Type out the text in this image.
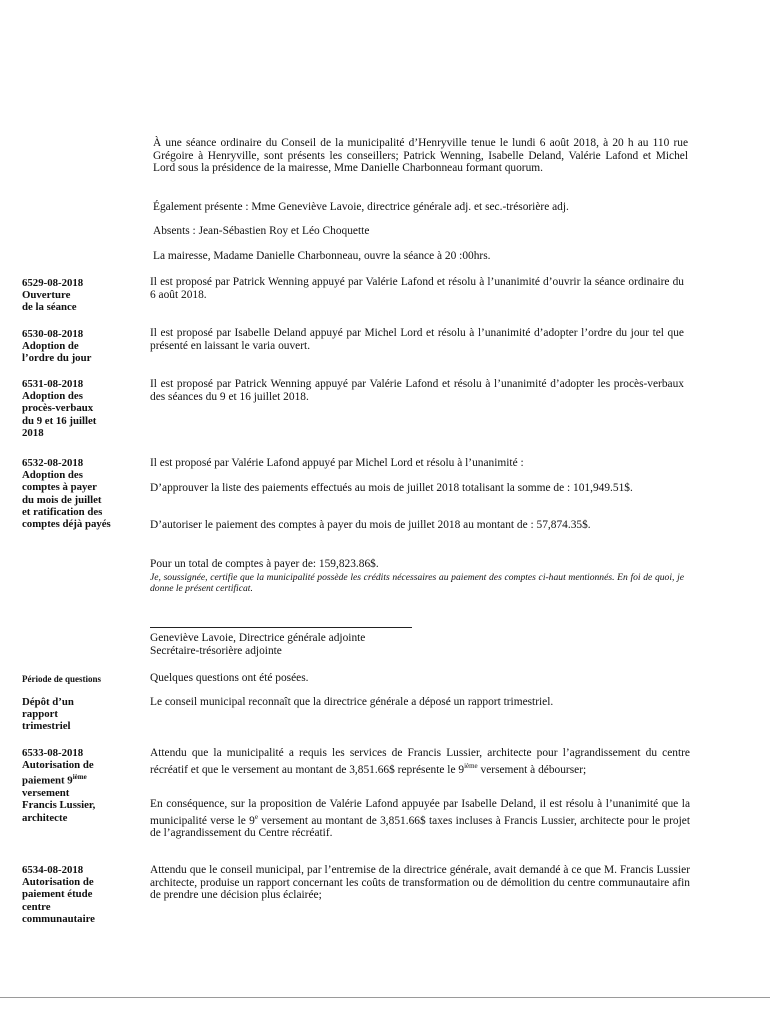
À une séance ordinaire du Conseil de la municipalité d’Henryville tenue le lundi 6 août 2018, à 20 h au 110 rue Grégoire à Henryville, sont présents les conseillers; Patrick Wenning, Isabelle Deland, Valérie Lafond et Michel Lord sous la présidence de la mairesse, Mme Danielle Charbonneau formant quorum.

Également présente : Mme Geneviève Lavoie, directrice générale adj. et sec.-trésorière adj.

Absents : Jean-Sébastien Roy et Léo Choquette

La mairesse, Madame Danielle Charbonneau, ouvre la séance à 20 :00hrs.

6529-08-2018
Ouverture
de la séance

Il est proposé par Patrick Wenning appuyé par Valérie Lafond et résolu à l’unanimité d’ouvrir la séance ordinaire du 6 août 2018.

6530-08-2018
Adoption de
l’ordre du jour

Il est proposé par Isabelle Deland appuyé par Michel Lord et résolu à l’unanimité d’adopter l’ordre du jour tel que présenté en laissant le varia ouvert.

6531-08-2018
Adoption des
procès-verbaux
du 9 et 16 juillet
2018

Il est proposé par Patrick Wenning appuyé par Valérie Lafond et résolu à l’unanimité d’adopter les procès-verbaux des séances du 9 et 16 juillet 2018.

6532-08-2018
Adoption des
comptes à payer
du mois de juillet
et ratification des
comptes déjà payés

Il est proposé par Valérie Lafond appuyé par Michel Lord et résolu à l’unanimité :

D’approuver la liste des paiements effectués au mois de juillet 2018 totalisant la somme de : 101,949.51$.

D’autoriser le paiement des comptes à payer du mois de juillet 2018 au montant de : 57,874.35$.

Pour un total de comptes à payer de: 159,823.86$.

Je, soussignée, certifie que la municipalité possède les crédits nécessaires au paiement des comptes ci-haut mentionnés. En foi de quoi, je donne le présent certificat.

Geneviève Lavoie, Directrice générale adjointe
Secrétaire-trésorière adjointe
Période de questions	Quelques questions ont été posées.

Dépôt d’un
rapport
trimestriel

Le conseil municipal reconnaît que la directrice générale a déposé un rapport trimestriel.

6533-08-2018
Autorisation de
paiement 9ième
versement
Francis Lussier,
architecte

Attendu que la municipalité a requis les services de Francis Lussier, architecte pour l’agrandissement du centre récréatif et que le versement au montant de 3,851.66$ représente le 9ième versement à débourser;

En conséquence, sur la proposition de Valérie Lafond appuyée par Isabelle Deland, il est résolu à l’unanimité que la municipalité verse le 9e versement au montant de 3,851.66$ taxes incluses à Francis Lussier, architecte pour le projet de l’agrandissement du Centre récréatif.

6534-08-2018
Autorisation de
paiement étude
centre
communautaire

Attendu que le conseil municipal, par l’entremise de la directrice générale, avait demandé à ce que M. Francis Lussier architecte, produise un rapport concernant les coûts de transformation ou de démolition du centre communautaire afin de prendre une décision plus éclairée;
